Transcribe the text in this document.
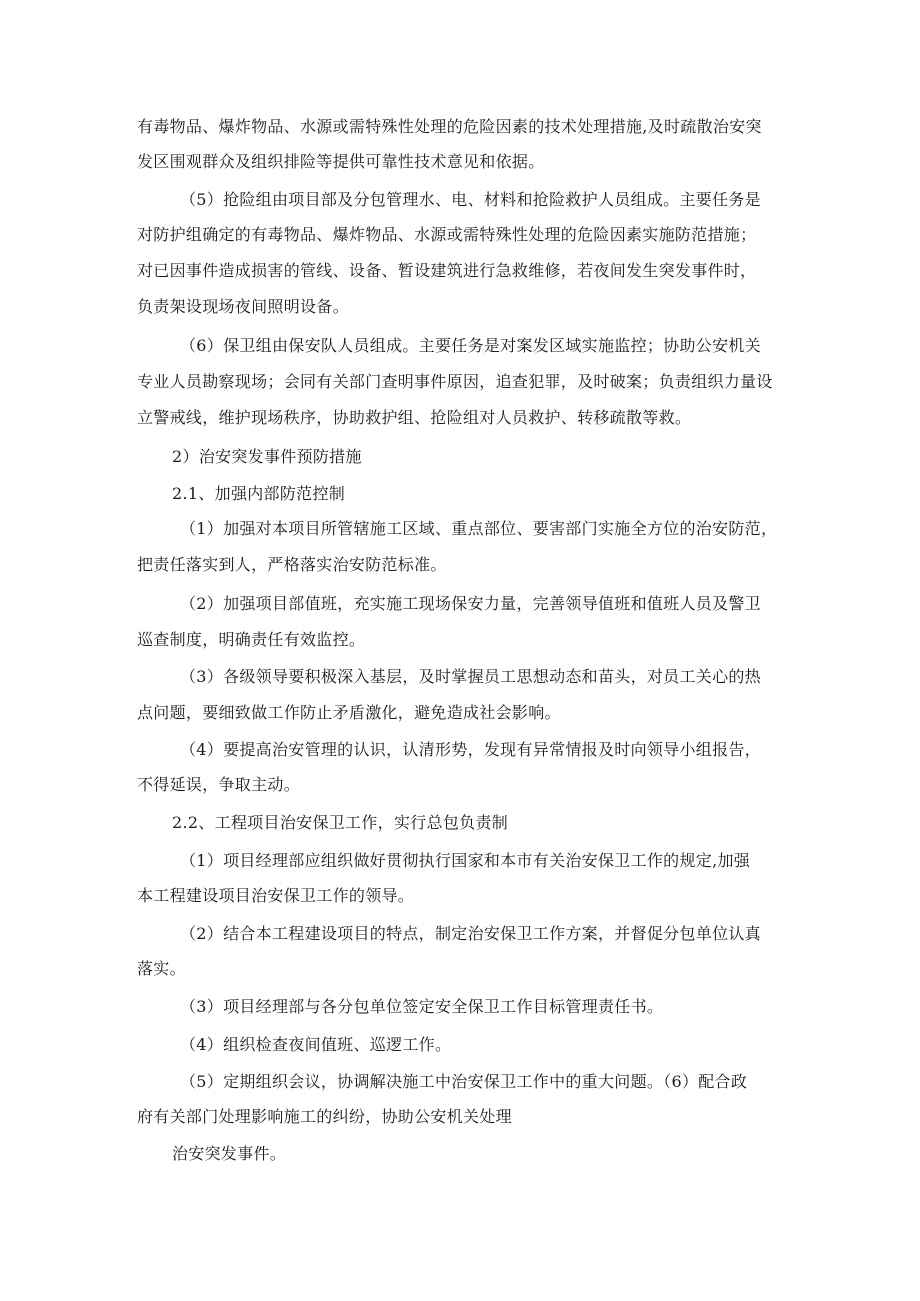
有毒物品、爆炸物品、水源或需特殊性处理的危险因素的技术处理措施,及时疏散治安突
发区围观群众及组织排险等提供可靠性技术意见和依据。
（5）抢险组由项目部及分包管理水、电、材料和抢险救护人员组成。主要任务是
对防护组确定的有毒物品、爆炸物品、水源或需特殊性处理的危险因素实施防范措施；
对已因事件造成损害的管线、设备、暂设建筑进行急救维修，若夜间发生突发事件时，
负责架设现场夜间照明设备。
（6）保卫组由保安队人员组成。主要任务是对案发区域实施监控；协助公安机关
专业人员勘察现场；会同有关部门查明事件原因，追查犯罪，及时破案；负责组织力量设
立警戒线，维护现场秩序，协助救护组、抢险组对人员救护、转移疏散等救。
2）治安突发事件预防措施
2.1、加强内部防范控制
（1）加强对本项目所管辖施工区域、重点部位、要害部门实施全方位的治安防范，
把责任落实到人，严格落实治安防范标准。
（2）加强项目部值班，充实施工现场保安力量，完善领导值班和值班人员及警卫
巡查制度，明确责任有效监控。
（3）各级领导要积极深入基层，及时掌握员工思想动态和苗头，对员工关心的热
点问题，要细致做工作防止矛盾激化，避免造成社会影响。
（4）要提高治安管理的认识，认清形势，发现有异常情报及时向领导小组报告，
不得延误，争取主动。
2.2、工程项目治安保卫工作，实行总包负责制
（1）项目经理部应组织做好贯彻执行国家和本市有关治安保卫工作的规定,加强
本工程建设项目治安保卫工作的领导。
（2）结合本工程建设项目的特点，制定治安保卫工作方案，并督促分包单位认真
落实。
（3）项目经理部与各分包单位签定安全保卫工作目标管理责任书。
（4）组织检查夜间值班、巡逻工作。
（5）定期组织会议，协调解决施工中治安保卫工作中的重大问题。（6）配合政
府有关部门处理影响施工的纠纷，协助公安机关处理
治安突发事件。
